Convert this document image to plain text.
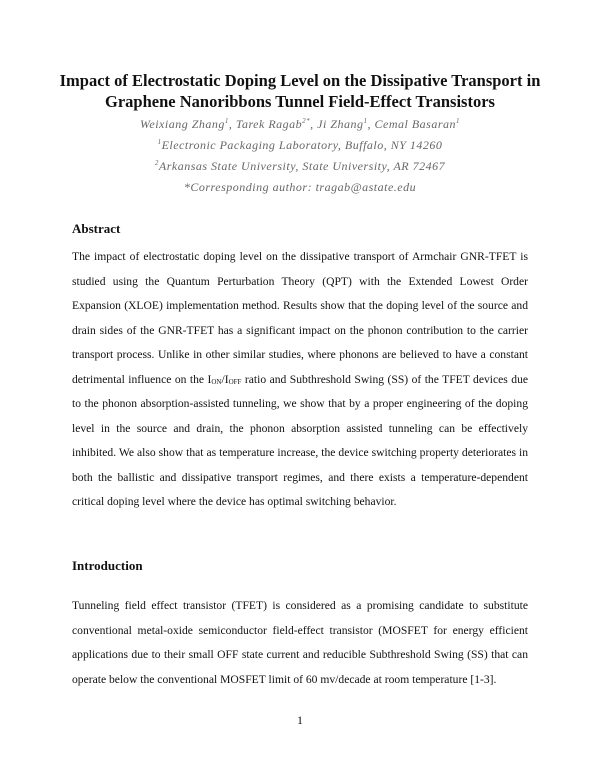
Impact of Electrostatic Doping Level on the Dissipative Transport in
Graphene Nanoribbons Tunnel Field-Effect Transistors
Weixiang Zhang$^1$, Tarek Ragab$^{2*}$, Ji Zhang$^1$, Cemal Basaran$^1$
$^1$Electronic Packaging Laboratory, Buffalo, NY 14260
$^2$Arkansas State University, State University, AR 72467
*Corresponding author: tragab@astate.edu
Abstract
The impact of electrostatic doping level on the dissipative transport of Armchair GNR-TFET is studied using the Quantum Perturbation Theory (QPT) with the Extended Lowest Order Expansion (XLOE) implementation method. Results show that the doping level of the source and drain sides of the GNR-TFET has a significant impact on the phonon contribution to the carrier transport process. Unlike in other similar studies, where phonons are believed to have a constant detrimental influence on the $I_{ON}/I_{OFF}$ ratio and Subthreshold Swing (SS) of the TFET devices due to the phonon absorption-assisted tunneling, we show that by a proper engineering of the doping level in the source and drain, the phonon absorption assisted tunneling can be effectively inhibited. We also show that as temperature increase, the device switching property deteriorates in both the ballistic and dissipative transport regimes, and there exists a temperature-dependent critical doping level where the device has optimal switching behavior.
Introduction
Tunneling field effect transistor (TFET) is considered as a promising candidate to substitute conventional metal-oxide semiconductor field-effect transistor (MOSFET for energy efficient applications due to their small OFF state current and reducible Subthreshold Swing (SS) that can operate below the conventional MOSFET limit of 60 mv/decade at room temperature [1-3].
1
